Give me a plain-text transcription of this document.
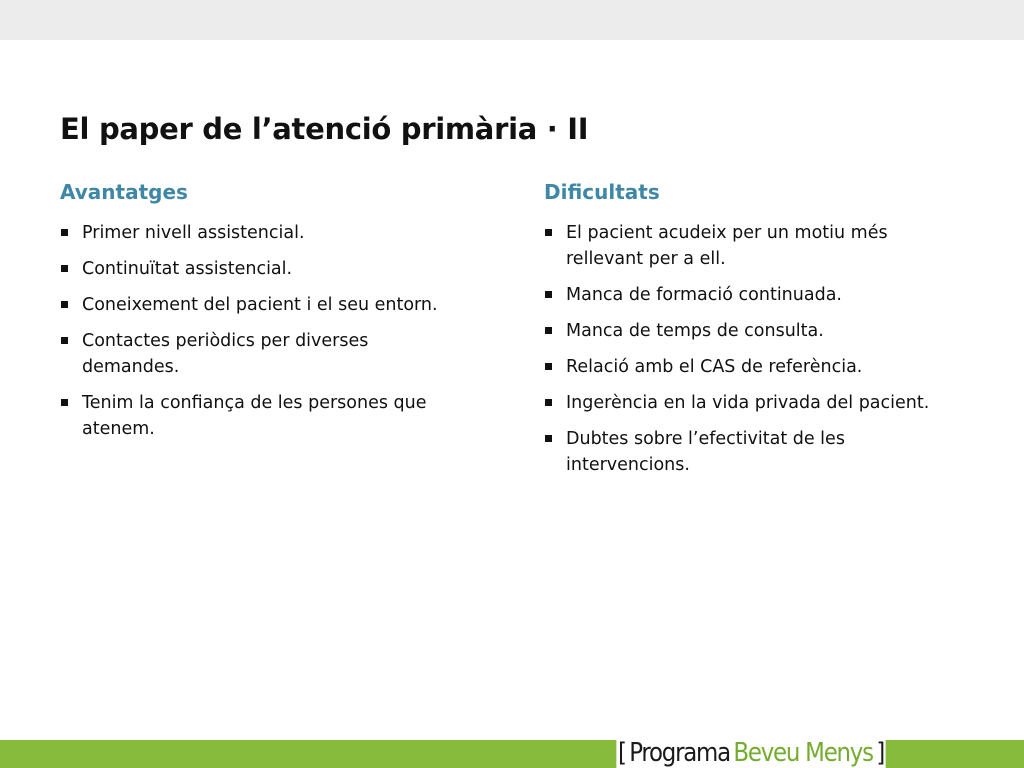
El paper de l’atenció primària · II
Avantatges
Primer nivell assistencial.
Continuïtat assistencial.
Coneixement del pacient i el seu entorn.
Contactes periòdics per diverses demandes.
Tenim la confiança de les persones que atenem.
Dificultats
El pacient acudeix per un motiu més rellevant per a ell.
Manca de formació continuada.
Manca de temps de consulta.
Relació amb el CAS de referència.
Ingerència en la vida privada del pacient.
Dubtes sobre l’efectivitat de les intervencions.
[ Programa Beveu Menys ]
